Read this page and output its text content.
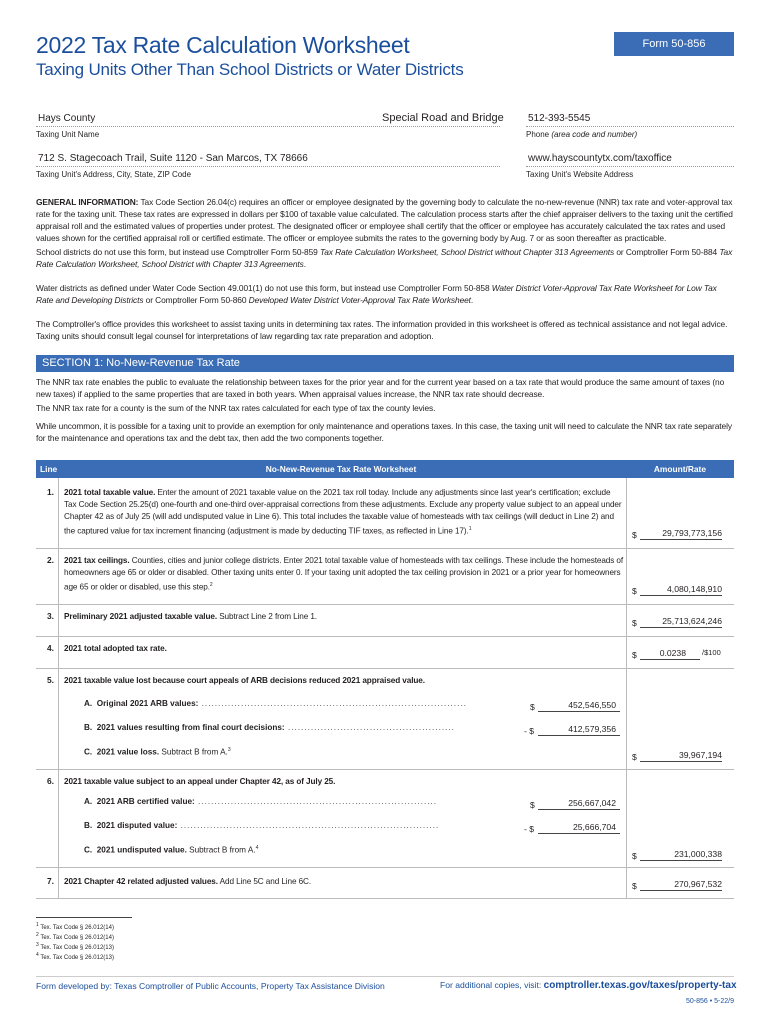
2022 Tax Rate Calculation Worksheet
Taxing Units Other Than School Districts or Water Districts
Form 50-856
Hays County	Special Road and Bridge
Taxing Unit Name
512-393-5545
Phone (area code and number)
712 S. Stagecoach Trail, Suite 1120 - San Marcos, TX 78666
Taxing Unit's Address, City, State, ZIP Code
www.hayscountytx.com/taxoffice
Taxing Unit's Website Address
GENERAL INFORMATION: Tax Code Section 26.04(c) requires an officer or employee designated by the governing body to calculate the no-new-revenue (NNR) tax rate and voter-approval tax rate for the taxing unit. These tax rates are expressed in dollars per $100 of taxable value calculated. The calculation process starts after the chief appraiser delivers to the taxing unit the certified appraisal roll and the estimated values of properties under protest. The designated officer or employee shall certify that the officer or employee has accurately calculated the tax rates and used values shown for the certified appraisal roll or certified estimate. The officer or employee submits the rates to the governing body by Aug. 7 or as soon thereafter as practicable.
School districts do not use this form, but instead use Comptroller Form 50-859 Tax Rate Calculation Worksheet, School District without Chapter 313 Agreements or Comptroller Form 50-884 Tax Rate Calculation Worksheet, School District with Chapter 313 Agreements.
Water districts as defined under Water Code Section 49.001(1) do not use this form, but instead use Comptroller Form 50-858 Water District Voter-Approval Tax Rate Worksheet for Low Tax Rate and Developing Districts or Comptroller Form 50-860 Developed Water District Voter-Approval Tax Rate Worksheet.
The Comptroller's office provides this worksheet to assist taxing units in determining tax rates. The information provided in this worksheet is offered as technical assistance and not legal advice. Taxing units should consult legal counsel for interpretations of law regarding tax rate preparation and adoption.
SECTION 1: No-New-Revenue Tax Rate
The NNR tax rate enables the public to evaluate the relationship between taxes for the prior year and for the current year based on a tax rate that would produce the same amount of taxes (no new taxes) if applied to the same properties that are taxed in both years. When appraisal values increase, the NNR tax rate should decrease.
The NNR tax rate for a county is the sum of the NNR tax rates calculated for each type of tax the county levies.
While uncommon, it is possible for a taxing unit to provide an exemption for only maintenance and operations taxes. In this case, the taxing unit will need to calculate the NNR tax rate separately for the maintenance and operations tax and the debt tax, then add the two components together.
Line	No-New-Revenue Tax Rate Worksheet	Amount/Rate
1. 2021 total taxable value. Enter the amount of 2021 taxable value on the 2021 tax roll today. Include any adjustments since last year's certification; exclude Tax Code Section 25.25(d) one-fourth and one-third over-appraisal corrections from these adjustments. Exclude any property value subject to an appeal under Chapter 42 as of July 25 (will add undisputed value in Line 6). This total includes the taxable value of homesteads with tax ceilings (will deduct in Line 2) and the captured value for tax increment financing (adjustment is made by deducting TIF taxes, as reflected in Line 17).$^1$
$	29,793,773,156
2. 2021 tax ceilings. Counties, cities and junior college districts. Enter 2021 total taxable value of homesteads with tax ceilings. These include the homesteads of homeowners age 65 or older or disabled. Other taxing units enter 0. If your taxing unit adopted the tax ceiling provision in 2021 or a prior year for homeowners age 65 or older or disabled, use this step.$^2$
$	4,080,148,910
3. Preliminary 2021 adjusted taxable value. Subtract Line 2 from Line 1.
$	25,713,624,246
4. 2021 total adopted tax rate.
$	0.0238 /$100
5. 2021 taxable value lost because court appeals of ARB decisions reduced 2021 appraised value.
A. Original 2021 ARB values: .................................................................................	$	452,546,550
B. 2021 values resulting from final court decisions: ...................................................	- $	412,579,356
C. 2021 value loss. Subtract B from A.$^3$
$	39,967,194
6. 2021 taxable value subject to an appeal under Chapter 42, as of July 25.
A. 2021 ARB certified value: .........................................................................	$	256,667,042
B. 2021 disputed value: ...............................................................................	- $	25,666,704
C. 2021 undisputed value. Subtract B from A.$^4$
$	231,000,338
7. 2021 Chapter 42 related adjusted values. Add Line 5C and Line 6C.	$	270,967,532
$^1$ Tex. Tax Code § 26.012(14)
$^2$ Tex. Tax Code § 26.012(14)
$^3$ Tex. Tax Code § 26.012(13)
$^4$ Tex. Tax Code § 26.012(13)
Form developed by: Texas Comptroller of Public Accounts, Property Tax Assistance Division	For additional copies, visit: comptroller.texas.gov/taxes/property-tax
50-856 • 5-22/9
